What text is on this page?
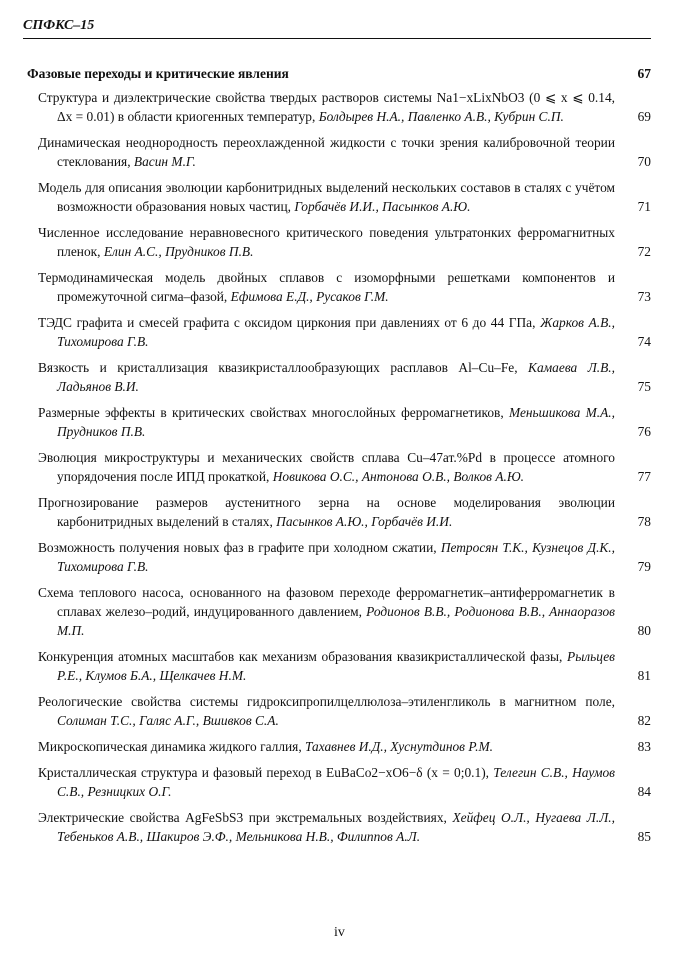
СПФКС–15
Фазовые переходы и критические явления	67
Структура и диэлектрические свойства твердых растворов системы Na1−xLixNbO3 (0 ⩽ x ⩽ 0.14, Δx = 0.01) в области криогенных температур, Болдырев Н.А., Павленко А.В., Кубрин С.П.	69
Динамическая неоднородность переохлажденной жидкости с точки зрения калибровочной теории стеклования, Васин М.Г.	70
Модель для описания эволюции карбонитридных выделений нескольких составов в сталях с учётом возможности образования новых частиц, Горбачёв И.И., Пасынков А.Ю.	71
Численное исследование неравновесного критического поведения ультратонких ферромагнитных пленок, Елин А.С., Прудников П.В.	72
Термодинамическая модель двойных сплавов с изоморфными решетками компонентов и промежуточной сигма–фазой, Ефимова Е.Д., Русаков Г.М.	73
ТЭДС графита и смесей графита с оксидом циркония при давлениях от 6 до 44 ГПа, Жарков А.В., Тихомирова Г.В.	74
Вязкость и кристаллизация квазикристаллообразующих расплавов Al–Cu–Fe, Камаева Л.В., Ладьянов В.И.	75
Размерные эффекты в критических свойствах многослойных ферромагнетиков, Меньшикова М.А., Прудников П.В.	76
Эволюция микроструктуры и механических свойств сплава Cu–47ат.%Pd в процессе атомного упорядочения после ИПД прокаткой, Новикова О.С., Антонова О.В., Волков А.Ю.	77
Прогнозирование размеров аустенитного зерна на основе моделирования эволюции карбонитридных выделений в сталях, Пасынков А.Ю., Горбачёв И.И.	78
Возможность получения новых фаз в графите при холодном сжатии, Петросян Т.К., Кузнецов Д.К., Тихомирова Г.В.	79
Схема теплового насоса, основанного на фазовом переходе ферромагнетик–антиферромагнетик в сплавах железо–родий, индуцированного давлением, Родионов В.В., Родионова В.В., Аннаоразов М.П.	80
Конкуренция атомных масштабов как механизм образования квазикристаллической фазы, Рыльцев Р.Е., Клумов Б.А., Щелкачев Н.М.	81
Реологические свойства системы гидроксипропилцеллюлоза–этиленгликоль в магнитном поле, Солиман Т.С., Галяс А.Г., Вшивков С.А.	82
Микроскопическая динамика жидкого галлия, Тахавнев И.Д., Хуснутдинов Р.М.	83
Кристаллическая структура и фазовый переход в EuBaCo2−xO6−δ (x = 0;0.1), Телегин С.В., Наумов С.В., Резницких О.Г.	84
Электрические свойства AgFeSbS3 при экстремальных воздействиях, Хейфец О.Л., Нугаева Л.Л., Тебеньков А.В., Шакиров Э.Ф., Мельникова Н.В., Филиппов А.Л.	85
iv
